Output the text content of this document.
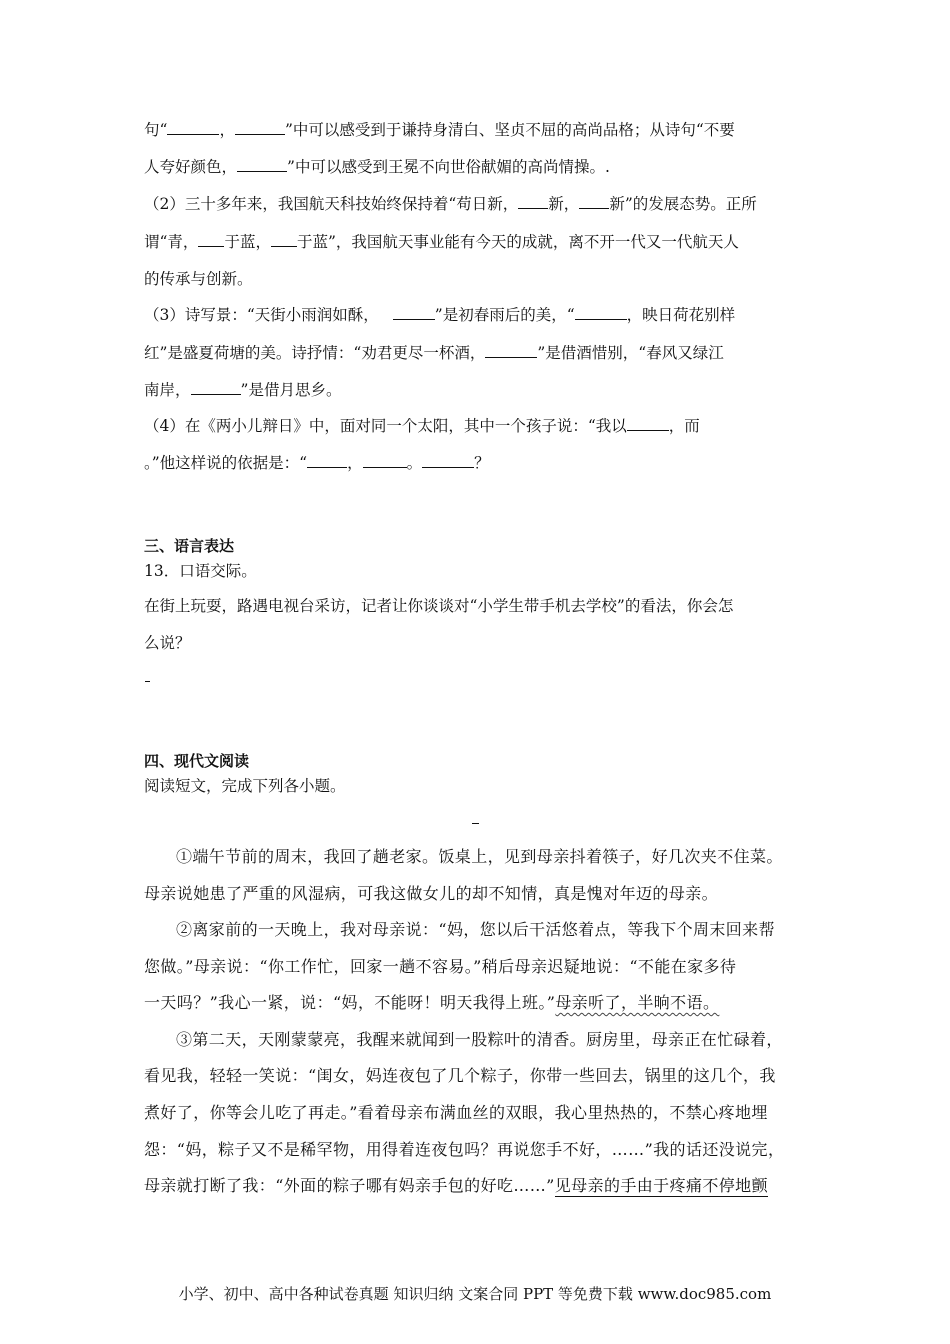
句“	，	”中可以感受到于谦持身清白、坚贞不屈的高尚品格；从诗句“不要
人夸好颜色，	”中可以感受到王冕不向世俗献媚的高尚情操。.
（2）三十多年来，我国航天科技始终保持着“苟日新， 新， 新”的发展态势。正所
谓“青， 于蓝， 于蓝”，我国航天事业能有今天的成就，离不开一代又一代航天人
的传承与创新。
（3）诗写景：“天街小雨润如酥，	”是初春雨后的美，“	，映日荷花别样
红”是盛夏荷塘的美。诗抒情：“劝君更尽一杯酒，	”是借酒惜别，“春风又绿江
南岸，	”是借月思乡。
（4）在《两小儿辩日》中，面对同一个太阳，其中一个孩子说：“我以	，而
。”他这样说的依据是：“	，	。	？
三、语言表达
13．口语交际。
在街上玩耍，路遇电视台采访，记者让你谈谈对“小学生带手机去学校”的看法，你会怎
么说？
四、现代文阅读
阅读短文，完成下列各小题。
①端午节前的周末，我回了趟老家。饭桌上，见到母亲抖着筷子，好几次夹不住菜。
母亲说她患了严重的风湿病，可我这做女儿的却不知情，真是愧对年迈的母亲。
②离家前的一天晚上，我对母亲说：“妈，您以后干活悠着点，等我下个周末回来帮
您做。”母亲说：“你工作忙，回家一趟不容易。”稍后母亲迟疑地说：“不能在家多待
一天吗？”我心一紧，说：“妈，不能呀！明天我得上班。”母亲听了，半晌不语。
③第二天，天刚蒙蒙亮，我醒来就闻到一股粽叶的清香。厨房里，母亲正在忙碌着，
看见我，轻轻一笑说：“闺女，妈连夜包了几个粽子，你带一些回去，锅里的这几个，我
煮好了，你等会儿吃了再走。”看着母亲布满血丝的双眼，我心里热热的，不禁心疼地埋
怨：“妈，粽子又不是稀罕物，用得着连夜包吗？再说您手不好，……”我的话还没说完，
母亲就打断了我：“外面的粽子哪有妈亲手包的好吃……”见母亲的手由于疼痛不停地颤
小学、初中、高中各种试卷真题 知识归纳 文案合同 PPT 等免费下载 www.doc985.com
